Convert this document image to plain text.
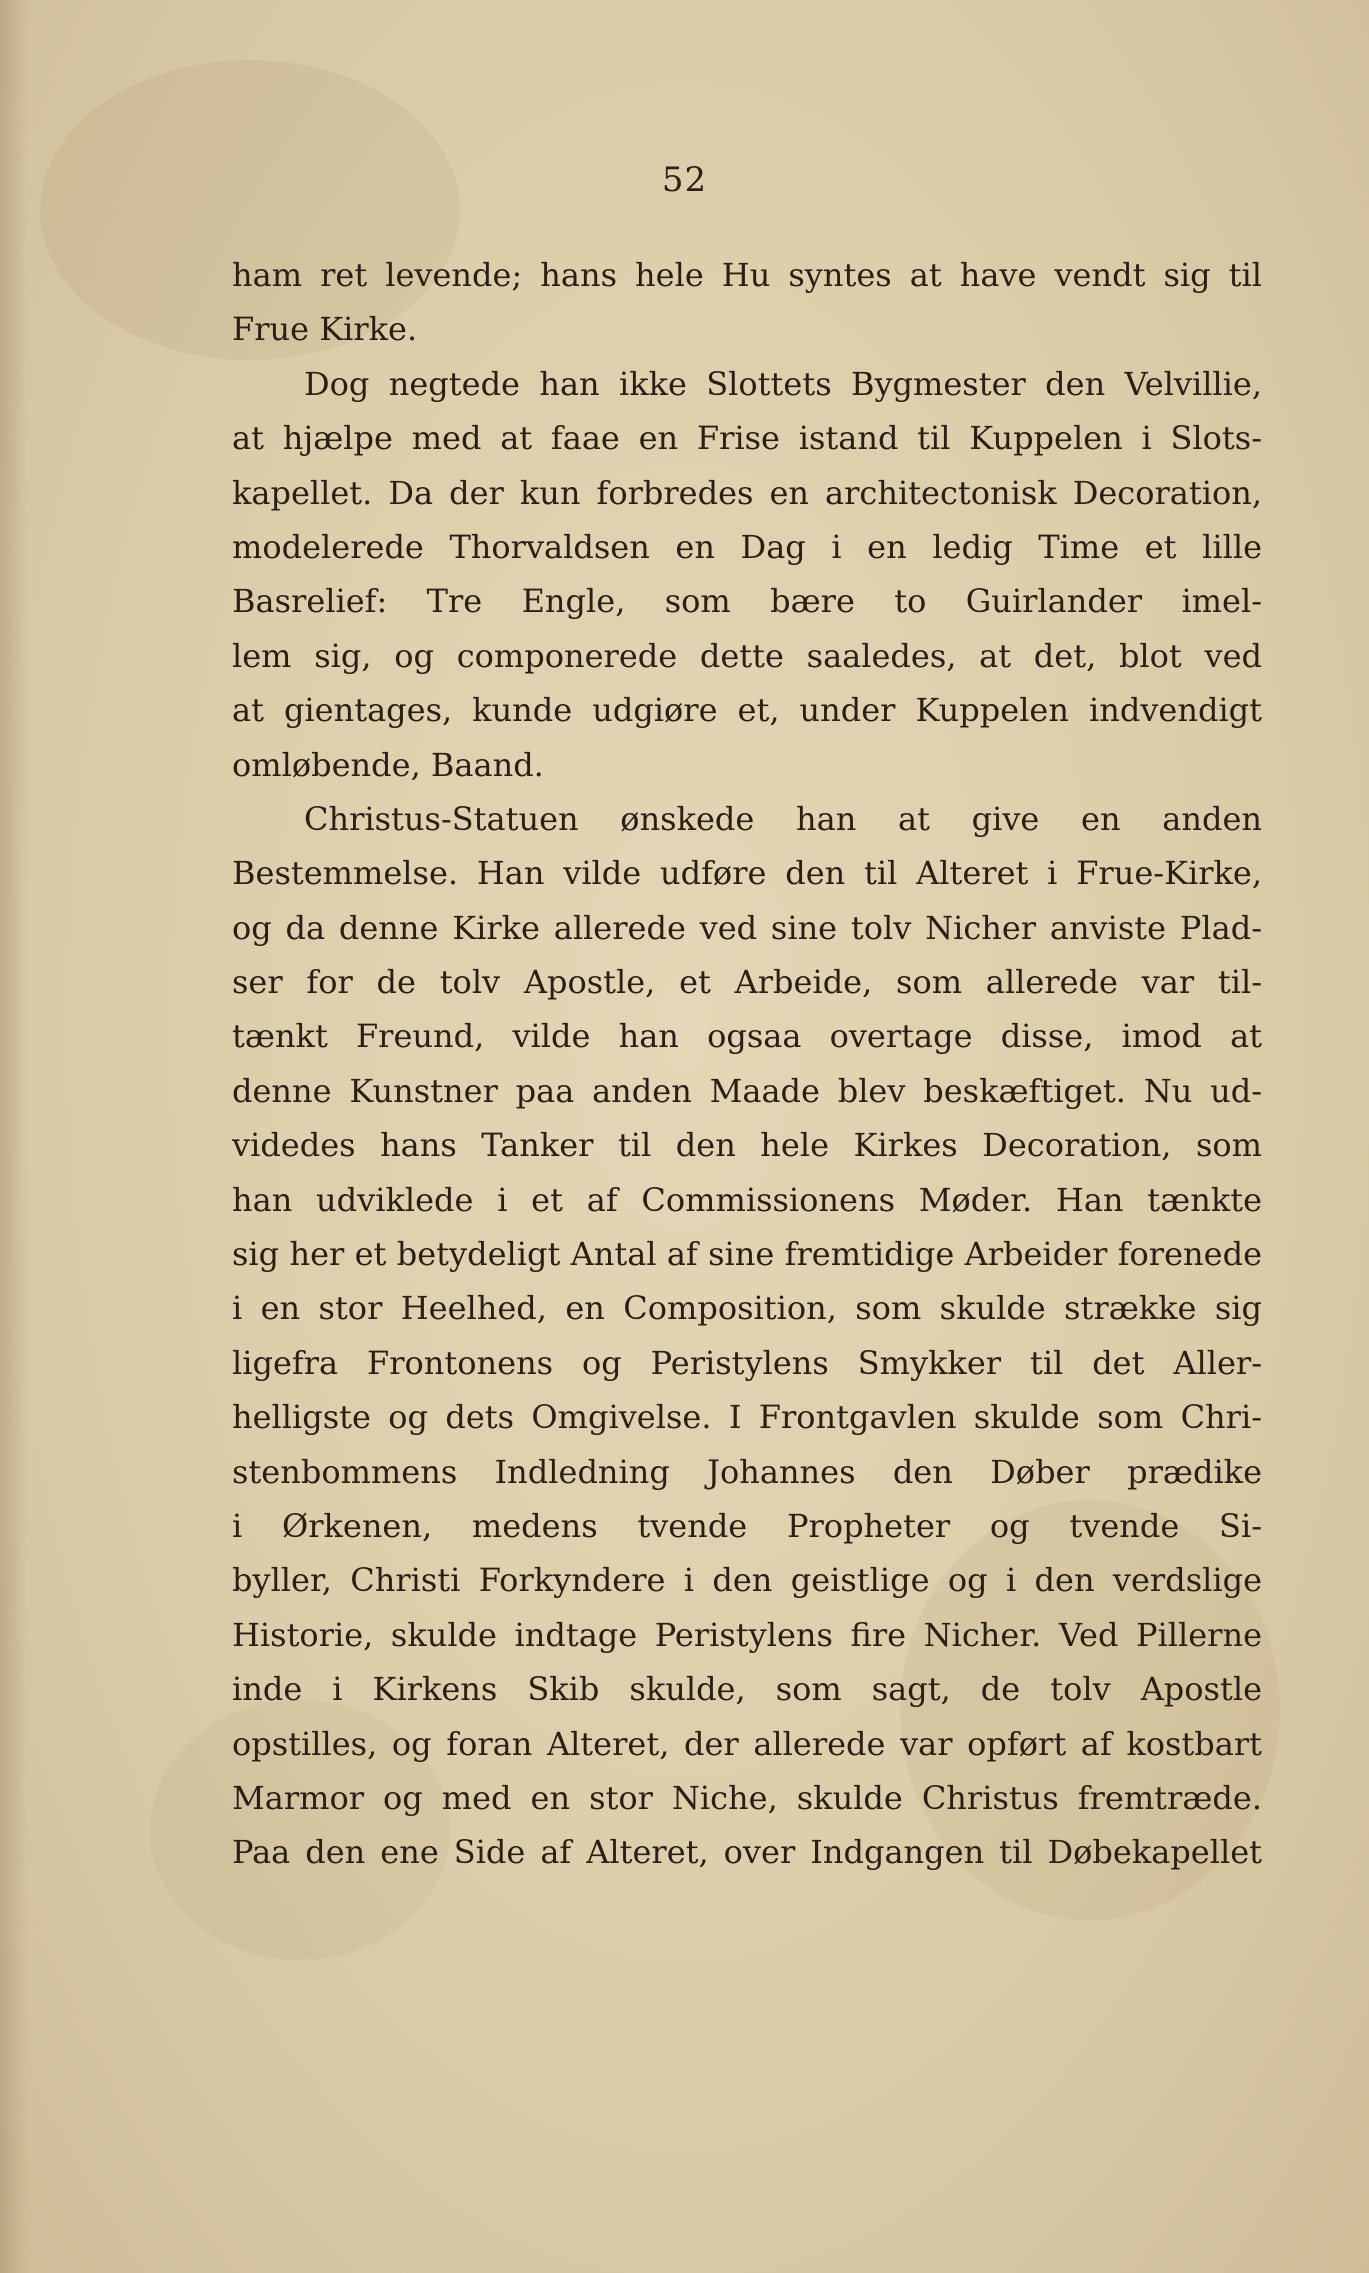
52
ham ret levende; hans hele Hu syntes at have vendt sig til
Frue Kirke.
Dog negtede han ikke Slottets Bygmester den Velvillie,
at hjælpe med at faae en Frise istand til Kuppelen i Slots-
kapellet. Da der kun forbredes en architectonisk Decoration,
modelerede Thorvaldsen en Dag i en ledig Time et lille
Basrelief: Tre Engle, som bære to Guirlander imel-
lem sig, og componerede dette saaledes, at det, blot ved
at gientages, kunde udgiøre et, under Kuppelen indvendigt
omløbende, Baand.
Christus-Statuen ønskede han at give en anden
Bestemmelse. Han vilde udføre den til Alteret i Frue-Kirke,
og da denne Kirke allerede ved sine tolv Nicher anviste Plad-
ser for de tolv Apostle, et Arbeide, som allerede var til-
tænkt Freund, vilde han ogsaa overtage disse, imod at
denne Kunstner paa anden Maade blev beskæftiget. Nu ud-
videdes hans Tanker til den hele Kirkes Decoration, som
han udviklede i et af Commissionens Møder. Han tænkte
sig her et betydeligt Antal af sine fremtidige Arbeider forenede
i en stor Heelhed, en Composition, som skulde strække sig
ligefra Frontonens og Peristylens Smykker til det Aller-
helligste og dets Omgivelse. I Frontgavlen skulde som Chri-
stenbommens Indledning Johannes den Døber prædike
i Ørkenen, medens tvende Propheter og tvende Si-
byller, Christi Forkyndere i den geistlige og i den verdslige
Historie, skulde indtage Peristylens fire Nicher. Ved Pillerne
inde i Kirkens Skib skulde, som sagt, de tolv Apostle
opstilles, og foran Alteret, der allerede var opført af kostbart
Marmor og med en stor Niche, skulde Christus fremtræde.
Paa den ene Side af Alteret, over Indgangen til Døbekapellet
